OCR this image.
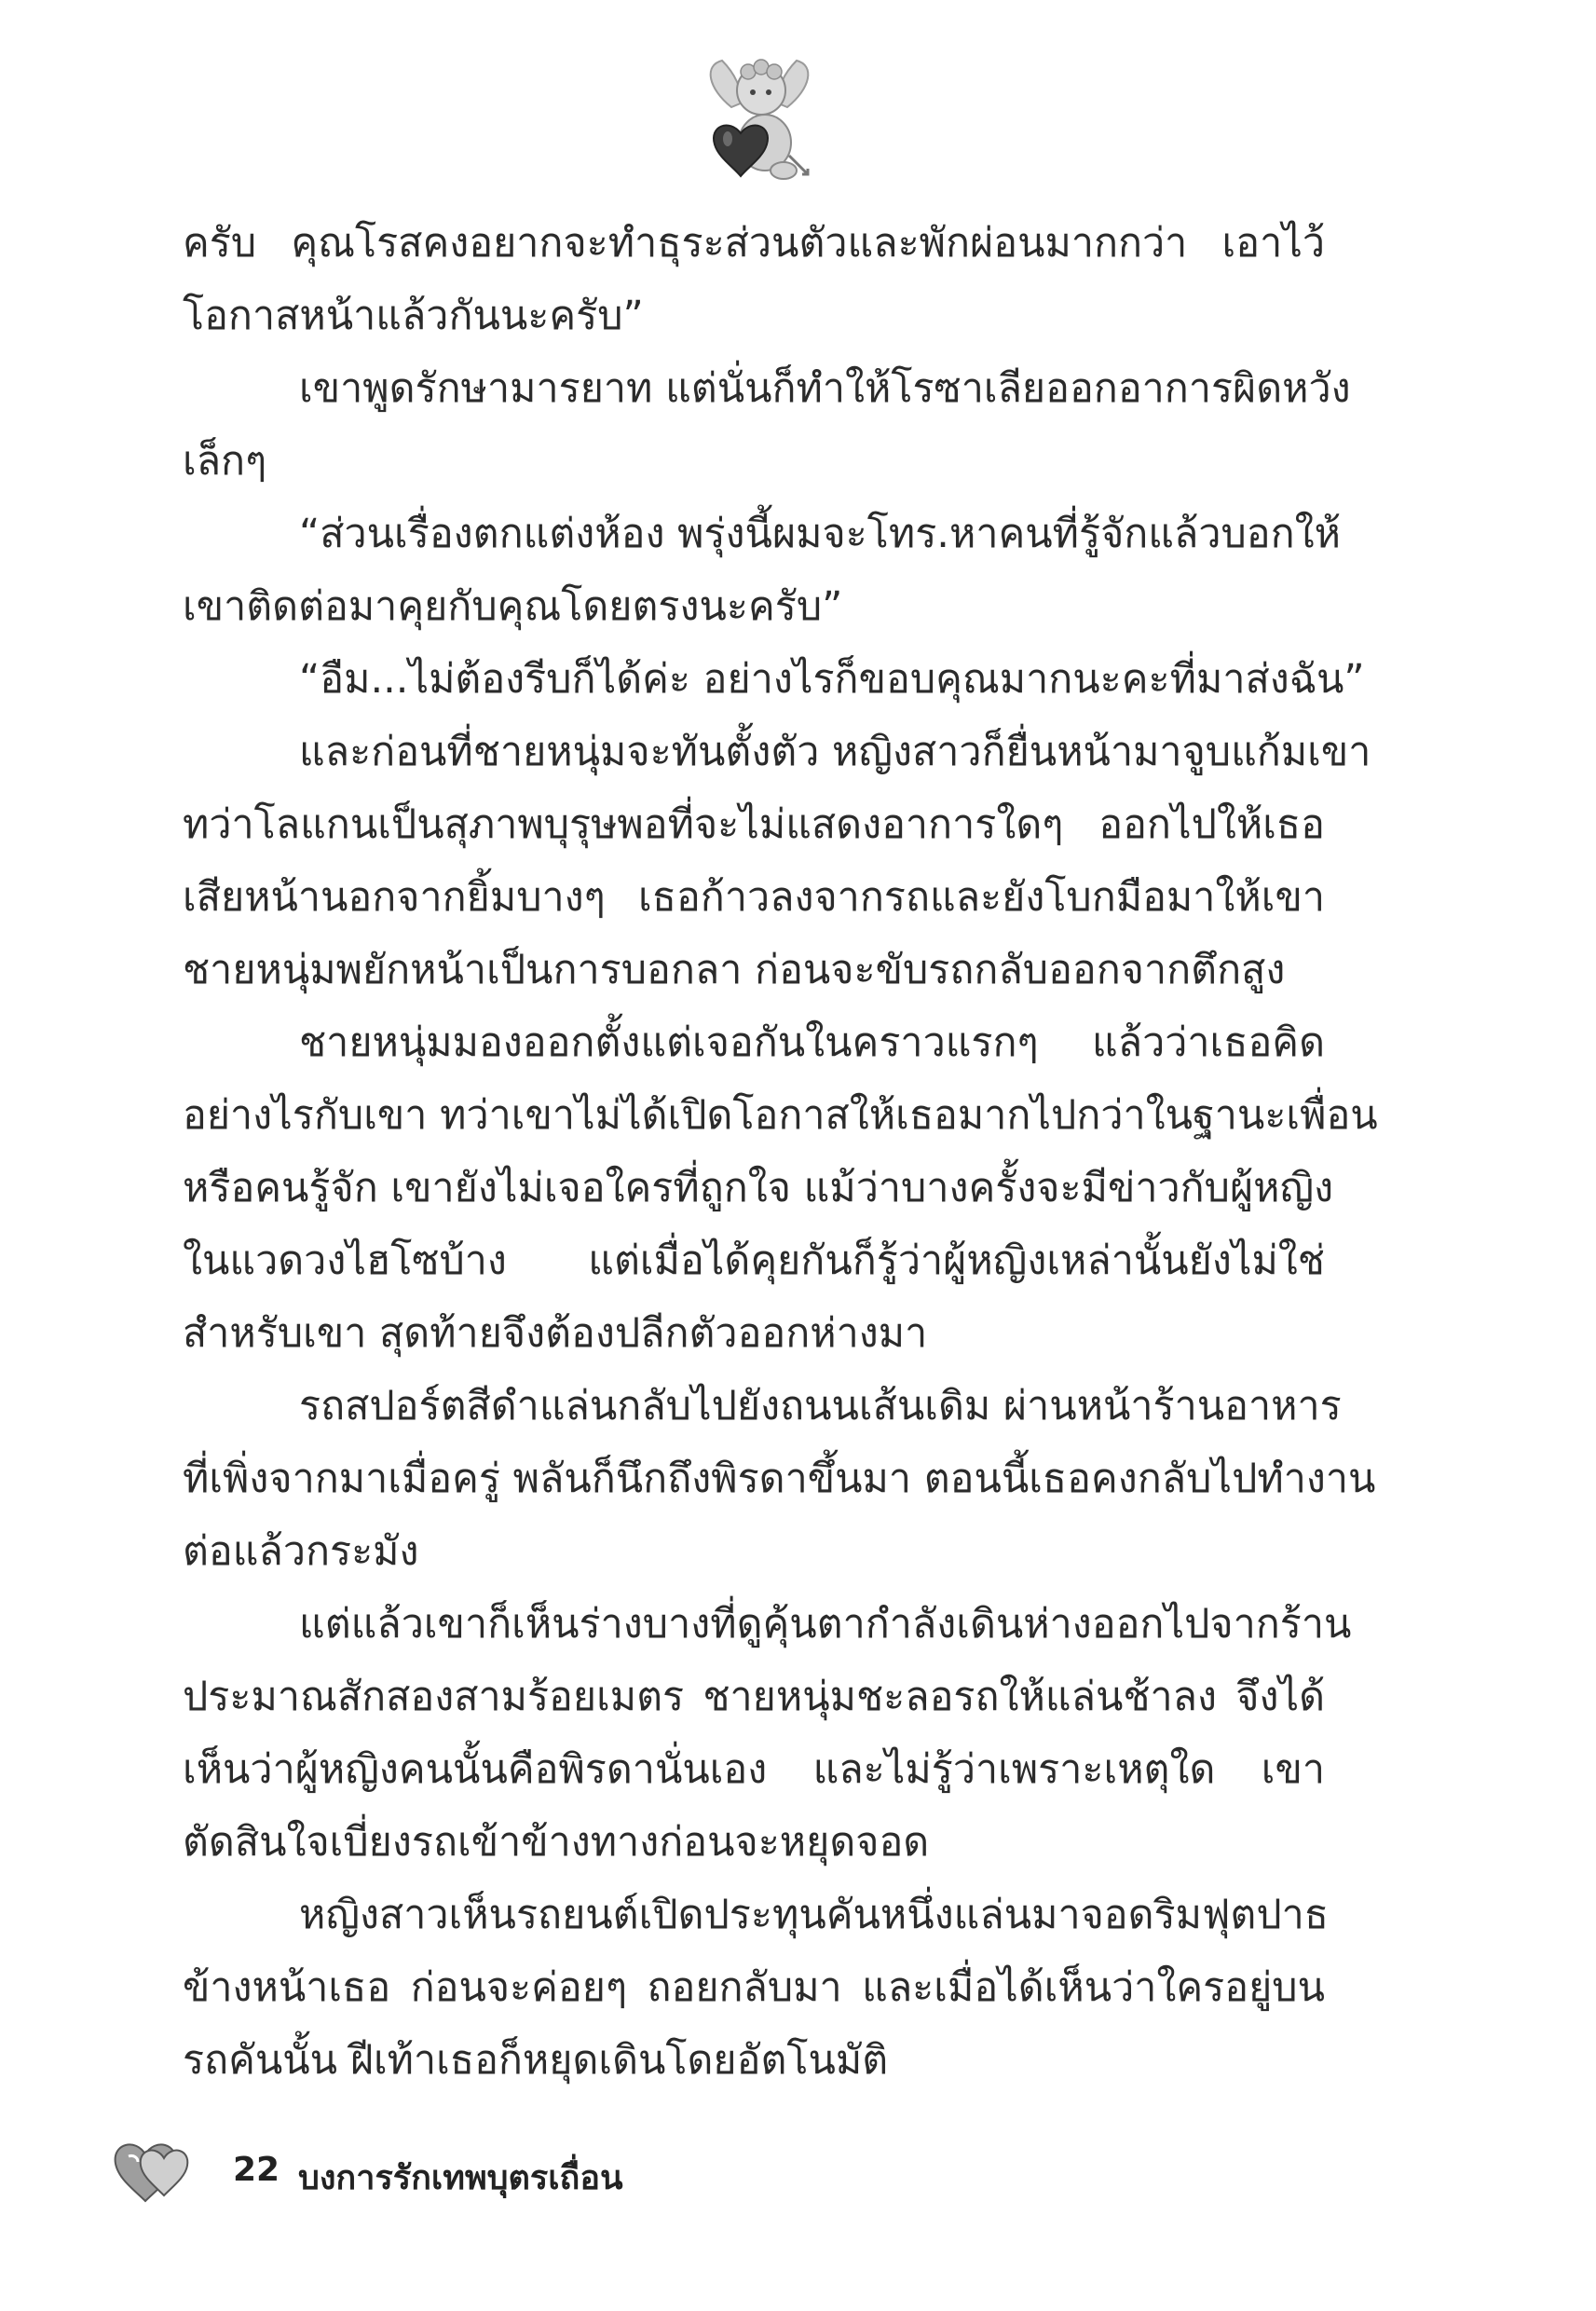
ครับ คุณโรสคงอยากจะทำธุระส่วนตัวและพักผ่อนมากกว่า เอาไว้
โอกาสหน้าแล้วกันนะครับ”
เขาพูดรักษามารยาท แต่นั่นก็ทำให้โรซาเลียออกอาการผิดหวัง
เล็กๆ
“ส่วนเรื่องตกแต่งห้อง พรุ่งนี้ผมจะโทร.หาคนที่รู้จักแล้วบอกให้
เขาติดต่อมาคุยกับคุณโดยตรงนะครับ”
“อืม...ไม่ต้องรีบก็ได้ค่ะ อย่างไรก็ขอบคุณมากนะคะที่มาส่งฉัน”
และก่อนที่ชายหนุ่มจะทันตั้งตัว หญิงสาวก็ยื่นหน้ามาจูบแก้มเขา
ทว่าโลแกนเป็นสุภาพบุรุษพอที่จะไม่แสดงอาการใดๆ ออกไปให้เธอ
เสียหน้านอกจากยิ้มบางๆ เธอก้าวลงจากรถและยังโบกมือมาให้เขา
ชายหนุ่มพยักหน้าเป็นการบอกลา ก่อนจะขับรถกลับออกจากตึกสูง
ชายหนุ่มมองออกตั้งแต่เจอกันในคราวแรกๆ แล้วว่าเธอคิด
อย่างไรกับเขา ทว่าเขาไม่ได้เปิดโอกาสให้เธอมากไปกว่าในฐานะเพื่อน
หรือคนรู้จัก เขายังไม่เจอใครที่ถูกใจ แม้ว่าบางครั้งจะมีข่าวกับผู้หญิง
ในแวดวงไฮโซบ้าง แต่เมื่อได้คุยกันก็รู้ว่าผู้หญิงเหล่านั้นยังไม่ใช่
สำหรับเขา สุดท้ายจึงต้องปลีกตัวออกห่างมา
รถสปอร์ตสีดำแล่นกลับไปยังถนนเส้นเดิม ผ่านหน้าร้านอาหาร
ที่เพิ่งจากมาเมื่อครู่ พลันก็นึกถึงพิรดาขึ้นมา ตอนนี้เธอคงกลับไปทำงาน
ต่อแล้วกระมัง
แต่แล้วเขาก็เห็นร่างบางที่ดูคุ้นตากำลังเดินห่างออกไปจากร้าน
ประมาณสักสองสามร้อยเมตร ชายหนุ่มชะลอรถให้แล่นช้าลง จึงได้
เห็นว่าผู้หญิงคนนั้นคือพิรดานั่นเอง และไม่รู้ว่าเพราะเหตุใด เขา
ตัดสินใจเบี่ยงรถเข้าข้างทางก่อนจะหยุดจอด
หญิงสาวเห็นรถยนต์เปิดประทุนคันหนึ่งแล่นมาจอดริมฟุตปาธ
ข้างหน้าเธอ ก่อนจะค่อยๆ ถอยกลับมา และเมื่อได้เห็นว่าใครอยู่บน
รถคันนั้น ฝีเท้าเธอก็หยุดเดินโดยอัตโนมัติ
22 บงการรักเทพบุตรเถื่อน
